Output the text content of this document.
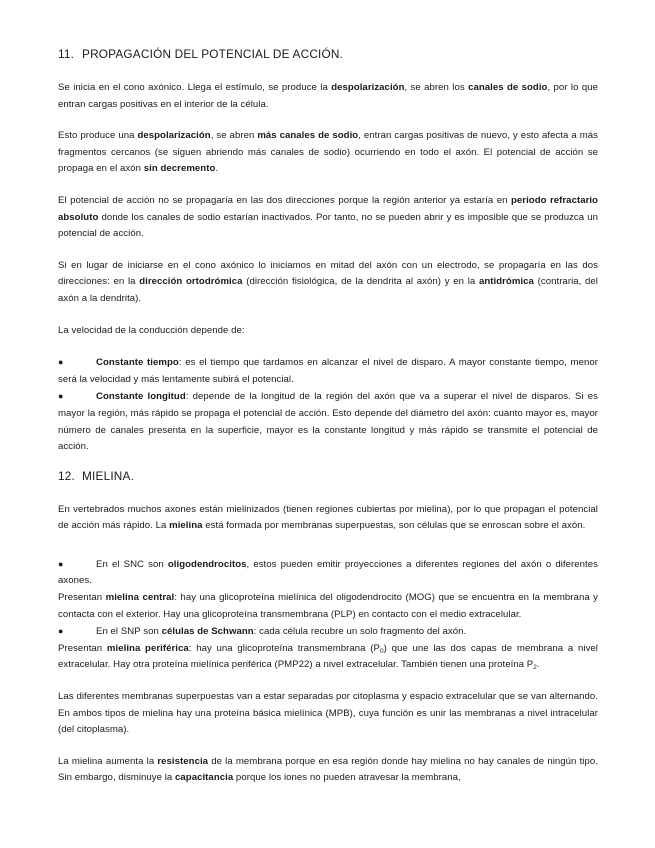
11. PROPAGACIÓN DEL POTENCIAL DE ACCIÓN.
Se inicia en el cono axónico. Llega el estímulo, se produce la despolarización, se abren los canales de sodio, por lo que entran cargas positivas en el interior de la célula.
Esto produce una despolarización, se abren más canales de sodio, entran cargas positivas de nuevo, y esto afecta a más fragmentos cercanos (se siguen abriendo más canales de sodio) ocurriendo en todo el axón. El potencial de acción se propaga en el axón sin decremento.
El potencial de acción no se propagaría en las dos direcciones porque la región anterior ya estaría en periodo refractario absoluto donde los canales de sodio estarían inactivados. Por tanto, no se pueden abrir y es imposible que se produzca un potencial de acción.
Si en lugar de iniciarse en el cono axónico lo iniciamos en mitad del axón con un electrodo, se propagaría en las dos direcciones: en la dirección ortodrómica (dirección fisiológica, de la dendrita al axón) y en la antidrómica (contraria, del axón a la dendrita).
La velocidad de la conducción depende de:
●	Constante tiempo: es el tiempo que tardamos en alcanzar el nivel de disparo. A mayor constante tiempo, menor será la velocidad y más lentamente subirá el potencial.
●	Constante longitud: depende de la longitud de la región del axón que va a superar el nivel de disparos. Si es mayor la región, más rápido se propaga el potencial de acción. Esto depende del diámetro del axón: cuanto mayor es, mayor número de canales presenta en la superficie, mayor es la constante longitud y más rápido se transmite el potencial de acción.
12. MIELINA.
En vertebrados muchos axones están mielinizados (tienen regiones cubiertas por mielina), por lo que propagan el potencial de acción más rápido. La mielina está formada por membranas superpuestas, son células que se enroscan sobre el axón.
●	En el SNC son oligodendrocitos, estos pueden emitir proyecciones a diferentes regiones del axón o diferentes axones.
Presentan mielina central: hay una glicoproteína mielínica del oligodendrocito (MOG) que se encuentra en la membrana y contacta con el exterior. Hay una glicoproteína transmembrana (PLP) en contacto con el medio extracelular.
●	En el SNP son células de Schwann: cada célula recubre un solo fragmento del axón.
Presentan mielina periférica: hay una glicoproteína transmembrana $(P_0)$ que une las dos capas de membrana a nivel extracelular. Hay otra proteína mielínica periférica (PMP22) a nivel extracelular. También tienen una proteína $P_2$.
Las diferentes membranas superpuestas van a estar separadas por citoplasma y espacio extracelular que se van alternando. En ambos tipos de mielina hay una proteína básica mielínica (MPB), cuya función es unir las membranas a nivel intracelular (del citoplasma).
La mielina aumenta la resistencia de la membrana porque en esa región donde hay mielina no hay canales de ningún tipo. Sin embargo, disminuye la capacitancia porque los iones no pueden atravesar la membrana,
